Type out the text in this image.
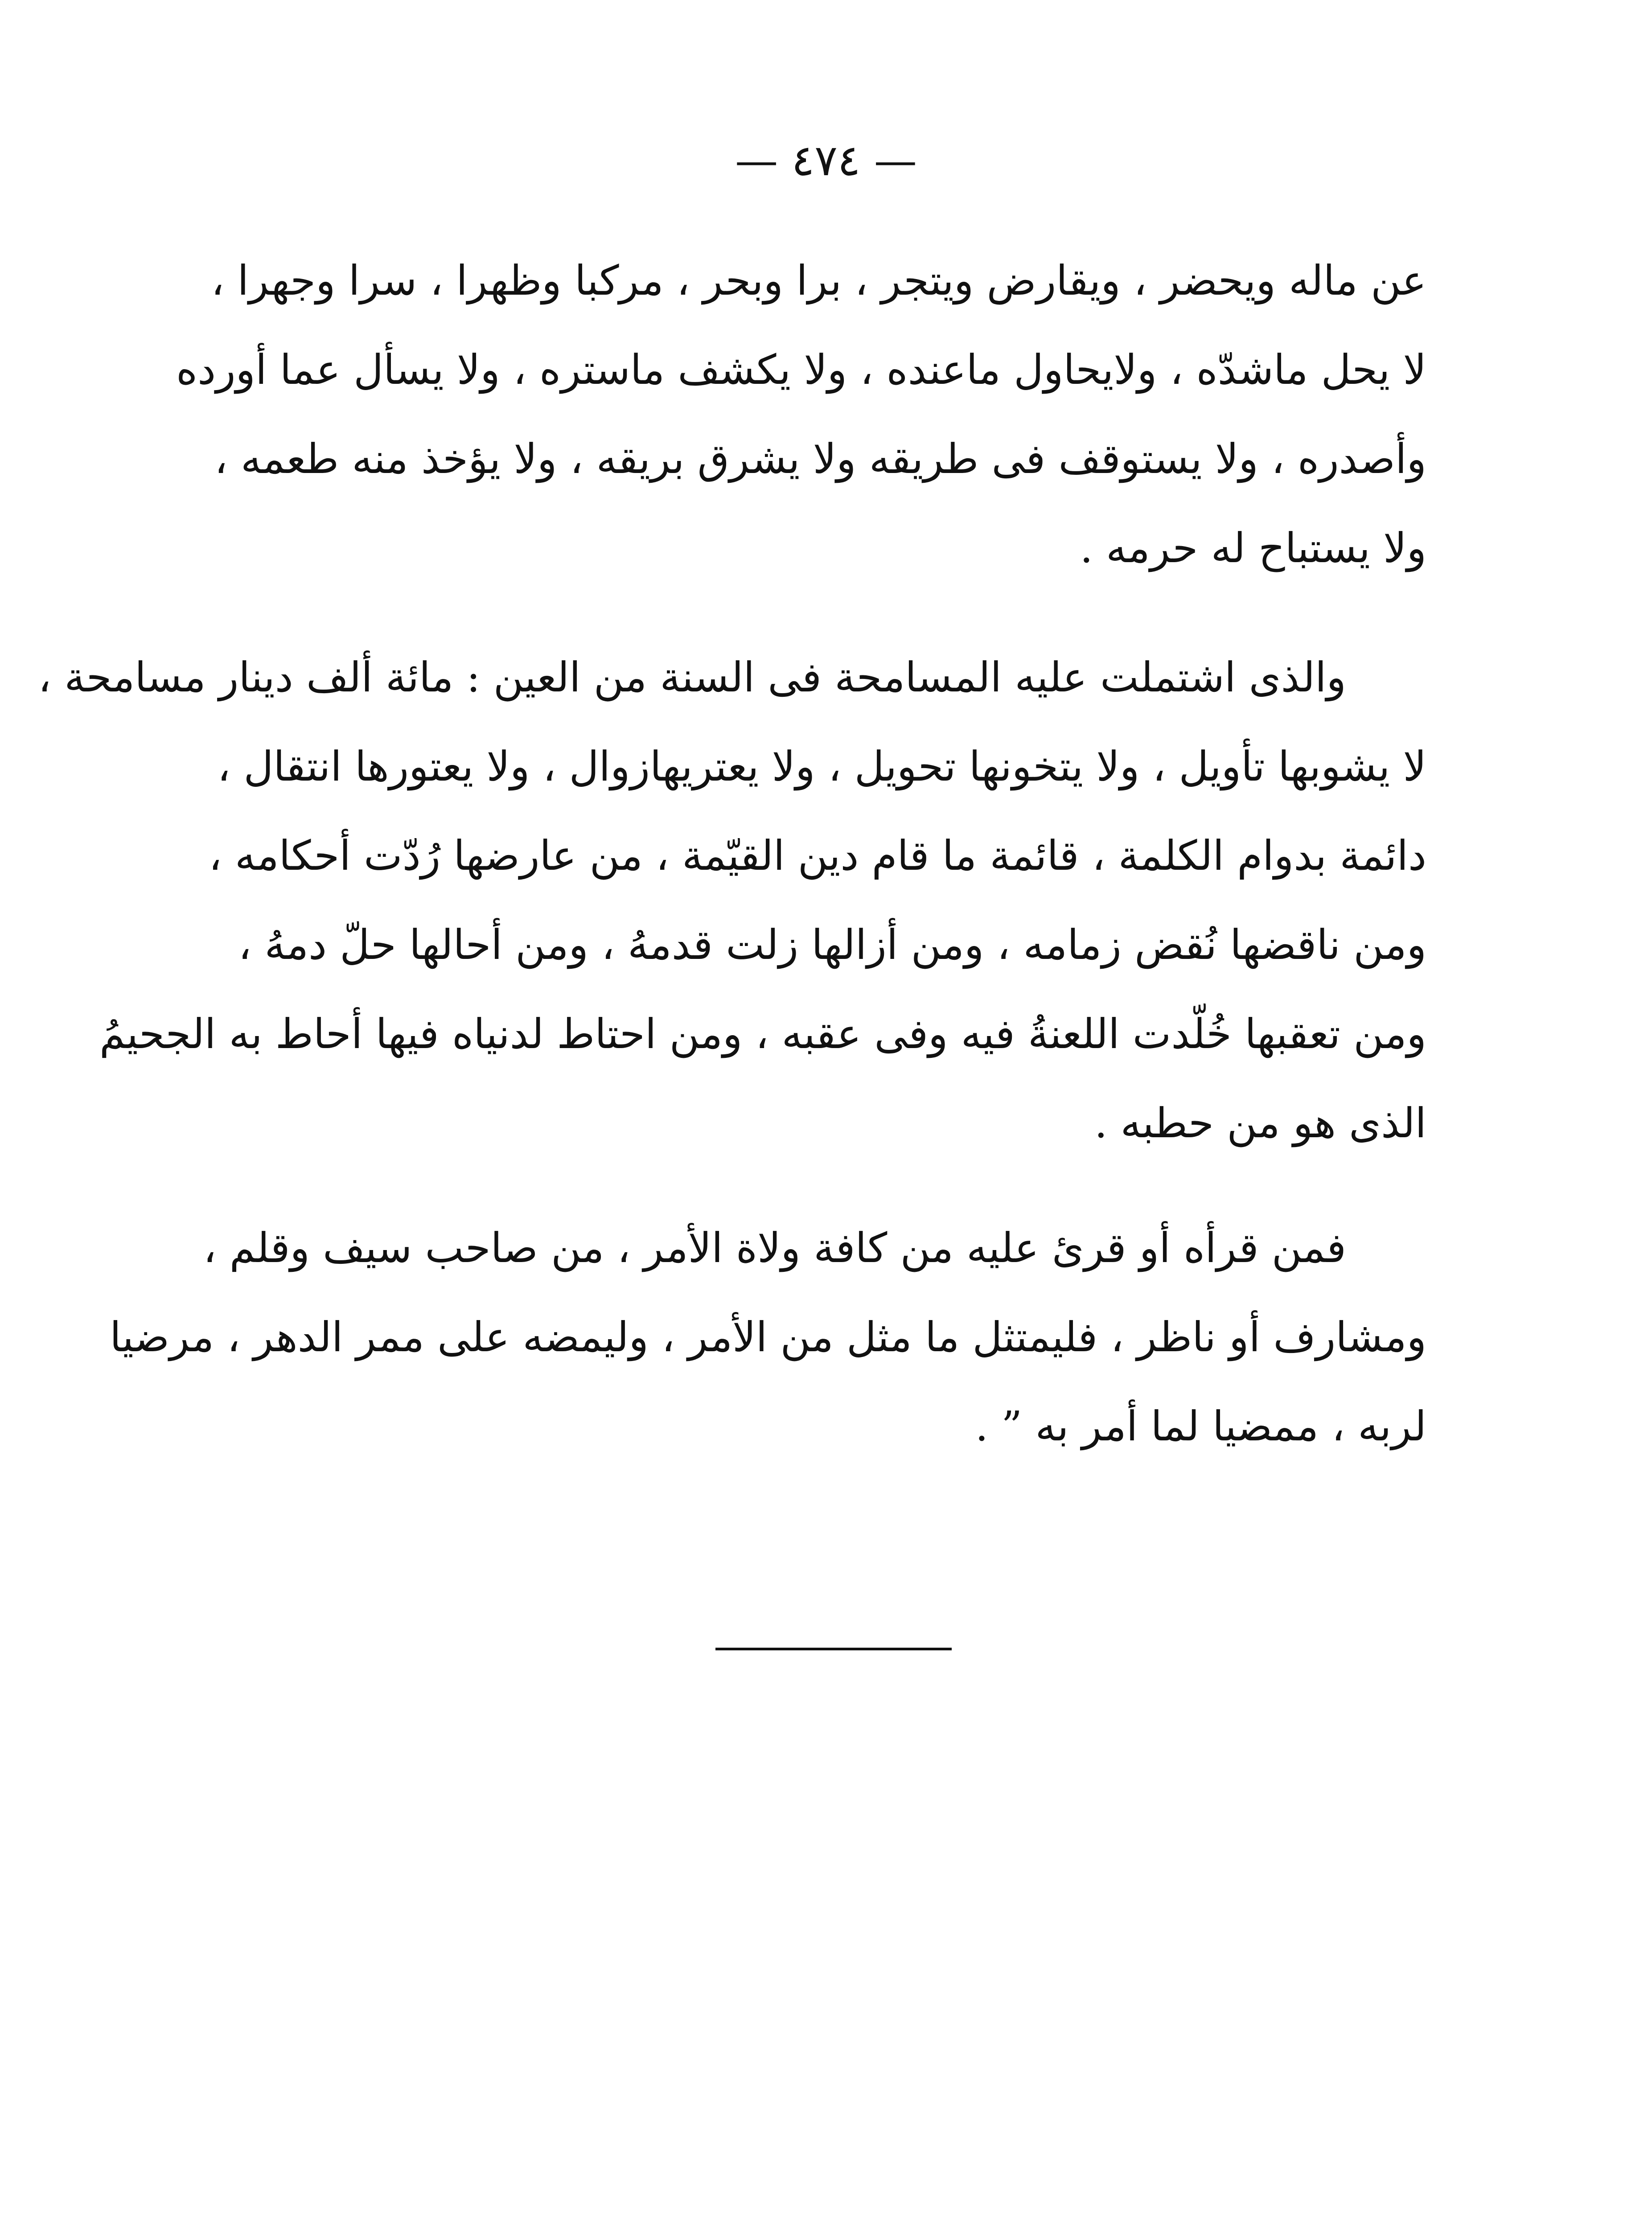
— ٤٧٤ —
عن ماله ويحضر ، ويقارض ويتجر ، برا وبحر ، مركبا وظهرا ، سرا وجهرا ،
لا يحل ماشدّه ، ولايحاول ماعنده ، ولا يكشف ماستره ، ولا يسأل عما أورده
وأصدره ، ولا يستوقف فى طريقه ولا يشرق بريقه ، ولا يؤخذ منه طعمه ،
ولا يستباح له حرمه .
والذى اشتملت عليه المسامحة فى السنة من العين : مائة ألف دينار مسامحة ،
لا يشوبها تأويل ، ولا يتخونها تحويل ، ولا يعتريهازوال ، ولا يعتورها انتقال ،
دائمة بدوام الكلمة ، قائمة ما قام دين القيّمة ، من عارضها رُدّت أحكامه ،
ومن ناقضها نُقض زمامه ، ومن أزالها زلت قدمهُ ، ومن أحالها حلّ دمهُ ،
ومن تعقبها خُلّدت اللعنةُ فيه وفى عقبه ، ومن احتاط لدنياه فيها أحاط به الجحيمُ
الذى هو من حطبه .
فمن قرأه أو قرئ عليه من كافة ولاة الأمر ، من صاحب سيف وقلم ،
ومشارف أو ناظر ، فليمتثل ما مثل من الأمر ، وليمضه على ممر الدهر ، مرضيا
لربه ، ممضيا لما أمر به ” .
